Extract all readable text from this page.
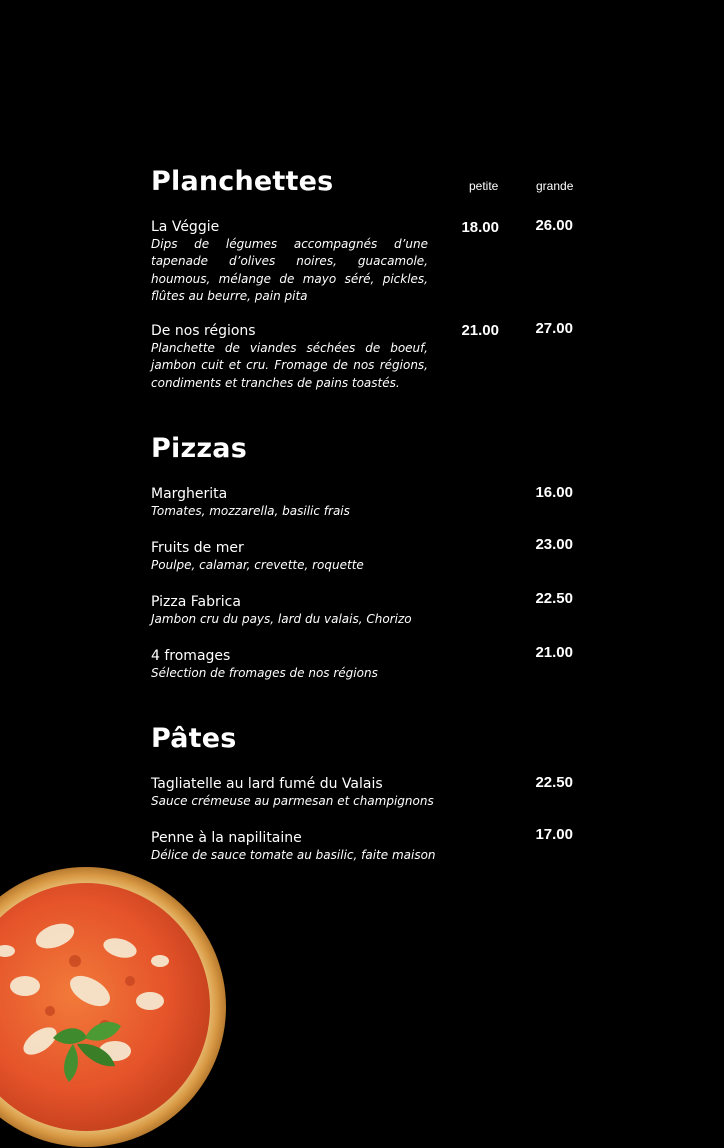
Planchettes	petite	grande
La Véggie
Dips de légumes accompagnés d’une tapenade d’olives noires, guacamole, houmous, mélange de mayo séré, pickles, flûtes au beurre, pain pita
18.00	26.00
De nos régions
Planchette de viandes séchées de boeuf, jambon cuit et cru. Fromage de nos régions, condiments et tranches de pains toastés.
21.00	27.00
Pizzas
Margherita
Tomates, mozzarella, basilic frais
16.00
Fruits de mer
Poulpe, calamar, crevette, roquette
23.00
Pizza Fabrica
Jambon cru du pays, lard du valais, Chorizo
22.50
4 fromages
Sélection de fromages de nos régions
21.00
Pâtes
Tagliatelle au lard fumé du Valais
Sauce crémeuse au parmesan et champignons
22.50
Penne à la napilitaine
Délice de sauce tomate au basilic, faite maison
17.00
